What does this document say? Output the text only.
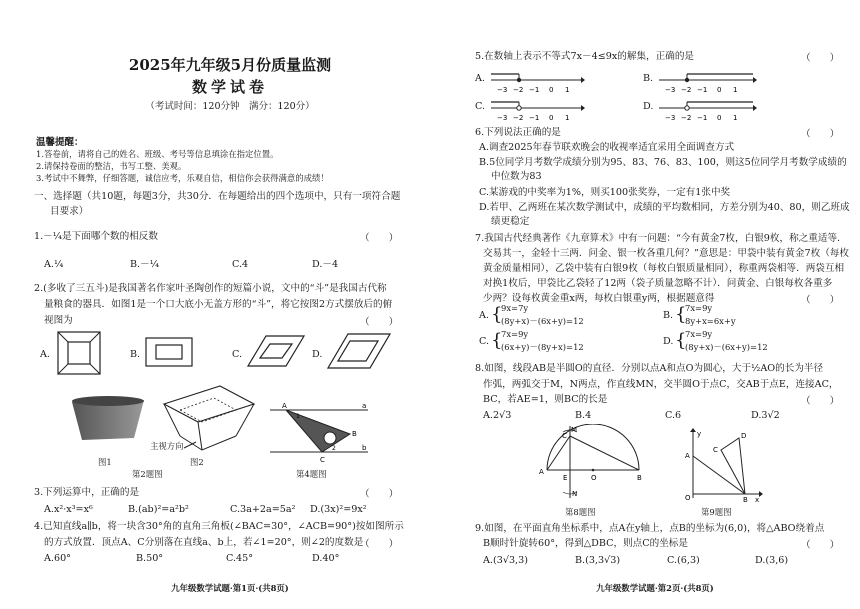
2025年九年级5月份质量监测
数学试卷
（考试时间：120分钟　满分：120分）
温馨提醒：
1.答卷前，请将自己的姓名、班级、考号等信息填涂在指定位置。
2.请保持卷面的整洁，书写工整、美观。
3.考试中不舞弊，仔细答题，诚信应考，乐观自信，相信你会获得满意的成绩！
一、选择题（共10题，每题3分，共30分．在每题给出的四个选项中，只有一项符合题
目要求）
1.－¼是下面哪个数的相反数	（　　）
A.¼	B.－¼	C.4	D.－4
2.(多收了三五斗)是我国著名作家叶圣陶创作的短篇小说，文中的“斗”是我国古代称
量粮食的器具．如图1是一个口大底小无盖方形的“斗”，将它按图2方式摆放后的俯
视图为	（　　）
A.	B.	C.	D.
图1
主视方向
图2
第2题图
A
B
C
a
b
1
2
第4题图
3.下列运算中，正确的是	（　　）
A.x²·x³=x⁶	B.(ab)²=a²b²	C.3a+2a=5a² D.(3x)²=9x²
4.已知直线a∥b，将一块含30°角的直角三角板(∠BAC=30°，∠ACB=90°)按如图所示
的方式放置．顶点A、C分别落在直线a、b上，若∠1=20°，则∠2的度数是
（　　）
A.60°	B.50°	C.45°	D.40°
九年级数学试题·第1页·(共8页)
5.在数轴上表示不等式7x－4≤9x的解集，正确的是	（　　）
A.
−3 −2 −1 0 1
B.
−3 −2 −1 0 1
C.
−3 −2 −1 0 1
D.
−3 −2 −1 0 1
6.下列说法正确的是	（　　）
A.调查2025年春节联欢晚会的收视率适宜采用全面调查方式
B.5位同学月考数学成绩分别为95、83、76、83、100，则这5位同学月考数学成绩的
中位数为83
C.某游戏的中奖率为1%，则买100张奖券，一定有1张中奖
D.若甲、乙两班在某次数学测试中，成绩的平均数相同，方差分别为40、80，则乙班成
绩更稳定
7.我国古代经典著作《九章算术》中有一问题：“今有黄金7枚，白银9枚，称之重适等．
交易其一，金轻十三两．问金、银一枚各重几何？”意思是：甲袋中装有黄金7枚（每枚
黄金质量相同），乙袋中装有白银9枚（每枚白银质量相同），称重两袋相等．两袋互相
对换1枚后，甲袋比乙袋轻了12两（袋子质量忽略不计）．问黄金、白银每枚各重多
少两？设每枚黄金重x两，每枚白银重y两，根据题意得	（　　）
A. {
9x=7y
(8y+x)－(6x+y)=12	B. {
7x=9y
8y+x=6x+y
C. {
7x=9y
(6x+y)－(8y+x)=12	D. {
7x=9y
(8y+x)－(6x+y)=12
8.如图，线段AB是半圆O的直径．分别以点A和点O为圆心，大于½AO的长为半径
作弧，两弧交于M，N两点，作直线MN，交半圆O于点C，交AB于点E，连接AC，
BC，若AE=1，则BC的长是	（　　）
A.2√3	B.4	C.6	D.3√2
M
C
A
E	O	B
N
第8题图
A
O	B
D
C
x
y
第9题图
9.如图，在平面直角坐标系中，点A在y轴上，点B的坐标为(6,0)，将△ABO绕着点
B顺时针旋转60°，得到△DBC，则点C的坐标是	（　　）
A.(3√3,3)	B.(3,3√3)	C.(6,3)	D.(3,6)
九年级数学试题·第2页·(共8页)
